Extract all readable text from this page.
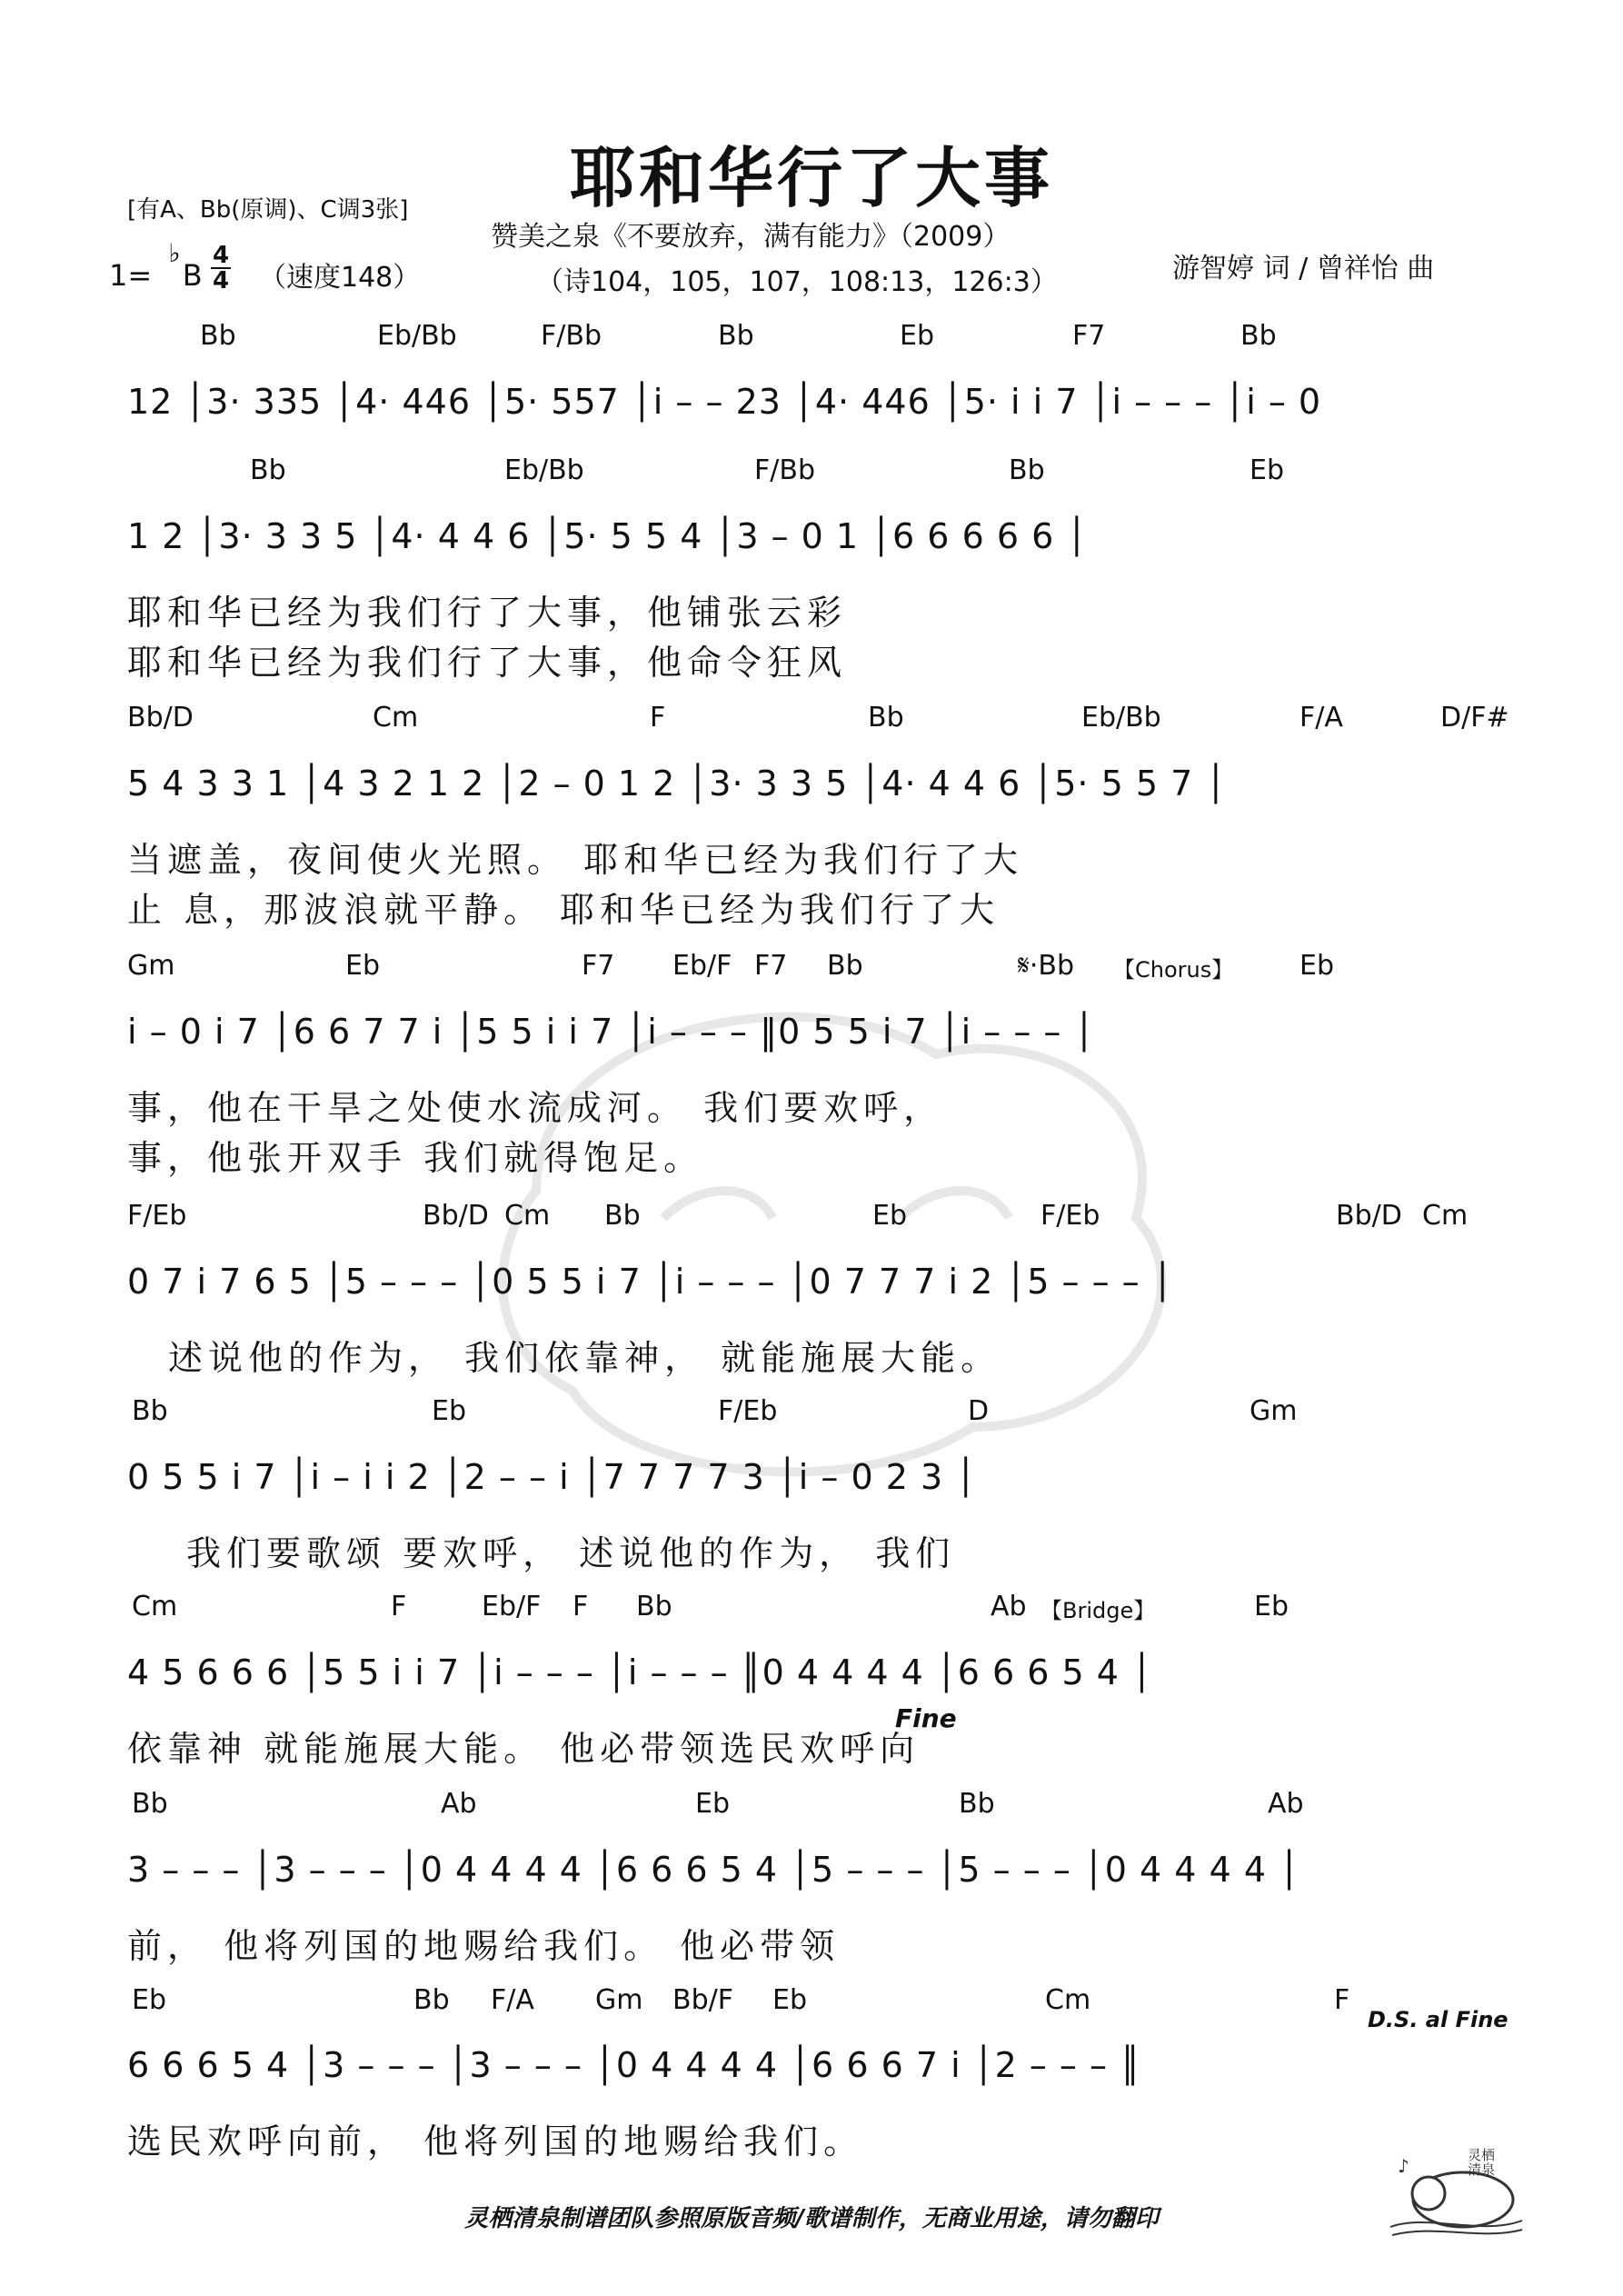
耶和华行了大事
[有A、Bb(原调)、C调3张]
赞美之泉《不要放弃，满有能力》（2009）
（诗104，105，107，108:13，126:3）	游智婷 词 / 曾祥怡 曲
1= ♭ B
4
4 （速度148）
Bb	Eb/Bb	F/Bb	Bb	Eb	F7	Bb
12 │3· 335 │4· 446 │5· 557 │i – – 23 │4· 446 │5· i i 7 │i – – – │i – 0
Bb	Eb/Bb	F/Bb	Bb	Eb
1 2 │3· 3 3 5 │4· 4 4 6 │5· 5 5 4 │3 – 0 1 │6 6 6 6 6 │
耶和华已经为我们行了大事，他铺张云彩
耶和华已经为我们行了大事，他命令狂风
Bb/D	Cm	F	Bb	Eb/Bb	F/A	D/F#
5 4 3 3 1 │4 3 2 1 2 │2 – 0 1 2 │3· 3 3 5 │4· 4 4 6 │5· 5 5 7 │
当遮盖，夜间使火光照。 耶和华已经为我们行了大
止 息，那波浪就平静。 耶和华已经为我们行了大
Gm	Eb	F7 Eb/F F7 Bb	𝄋·Bb 【Chorus】 Eb
i – 0 i 7 │6 6 7 7 i │5 5 i i 7 │i – – – ‖0 5 5 i 7 │i – – – │
事，他在干旱之处使水流成河。 我们要欢呼，
事，他张开双手 我们就得饱足。
F/Eb	Bb/D Cm Bb	Eb	F/Eb	Bb/D Cm
0 7 i 7 6 5 │5 – – – │0 5 5 i 7 │i – – – │0 7 7 7 i 2 │5 – – – │
述说他的作为， 我们依靠神， 就能施展大能。
Bb	Eb	F/Eb	D	Gm
0 5 5 i 7 │i – i i 2 │2 – – i │7 7 7 7 3 │i – 0 2 3 │
我们要歌颂 要欢呼， 述说他的作为， 我们
Cm	F	Eb/F F Bb	Ab 【Bridge】	Eb
4 5 6 6 6 │5 5 i i 7 │i – – – │i – – – ║0 4 4 4 4 │6 6 6 5 4 │
Fine
依靠神 就能施展大能。 他必带领选民欢呼向
Bb	Ab	Eb	Bb	Ab
3 – – – │3 – – – │0 4 4 4 4 │6 6 6 5 4 │5 – – – │5 – – – │0 4 4 4 4 │
前， 他将列国的地赐给我们。 他必带领
Eb	Bb F/A Gm Bb/F Eb	Cm	F
D.S. al Fine
6 6 6 5 4 │3 – – – │3 – – – │0 4 4 4 4 │6 6 6 7 i │2 – – – ║
选民欢呼向前， 他将列国的地赐给我们。
灵栖清泉制谱团队参照原版音频/歌谱制作，无商业用途，请勿翻印
♪	灵栖清泉
